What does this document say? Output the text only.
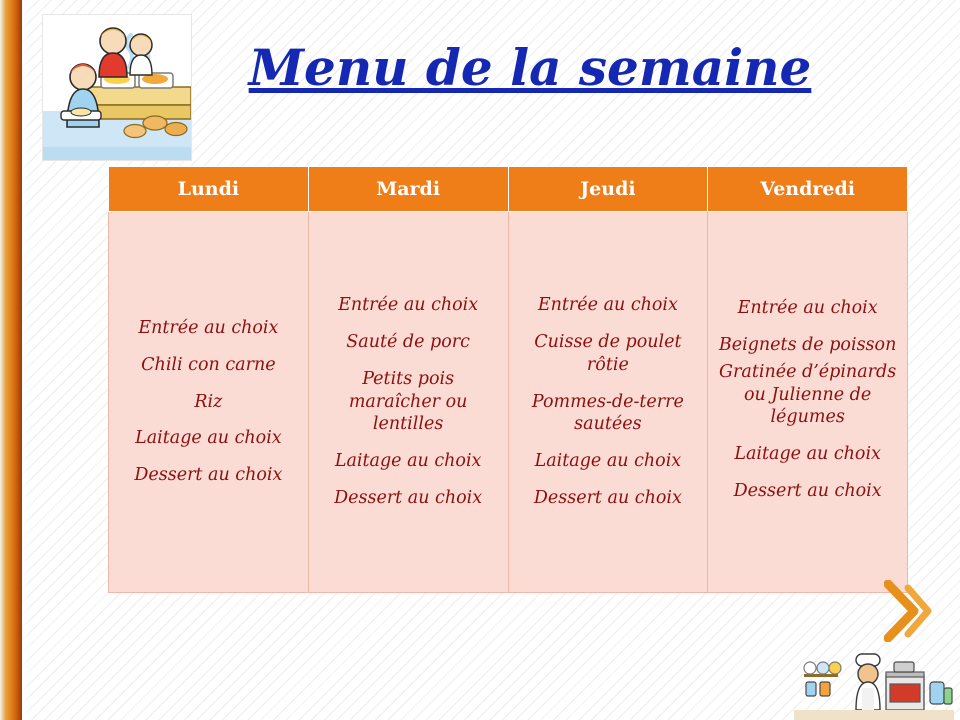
Menu de la semaine
Lundi	Mardi	Jeudi	Vendredi

Entrée au choix
Chili con carne
Riz
Laitage au choix
Dessert au choix

Entrée au choix
Sauté de porc
Petits pois maraîcher ou lentilles
Laitage au choix
Dessert au choix

Entrée au choix
Cuisse de poulet rôtie
Pommes-de-terre sautées
Laitage au choix
Dessert au choix

Entrée au choix
Beignets de poisson
Gratinée d’épinards ou Julienne de légumes
Laitage au choix
Dessert au choix
